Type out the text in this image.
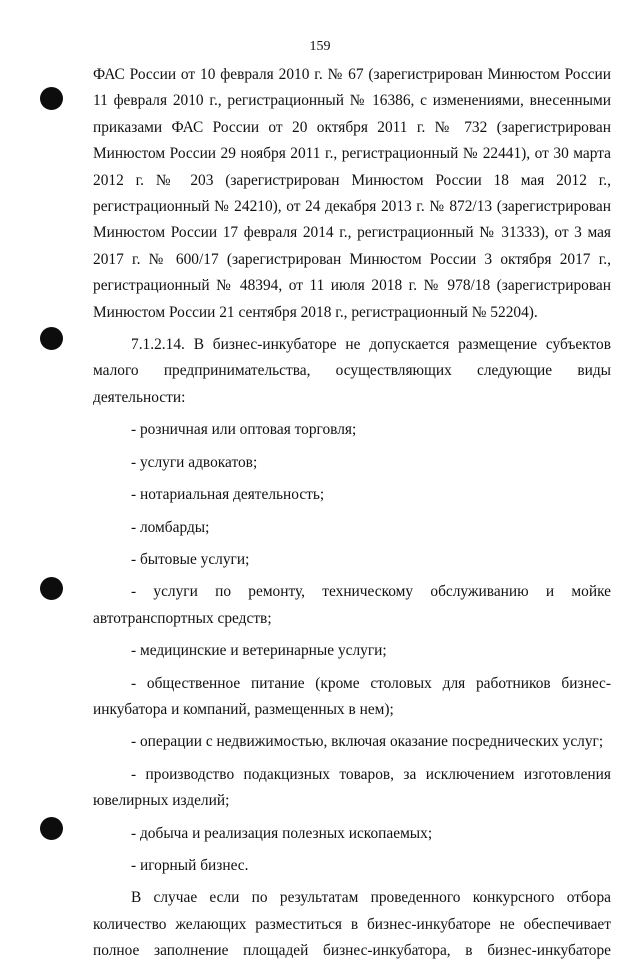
159

ФАС России от 10 февраля 2010 г. № 67 (зарегистрирован Минюстом России 11 февраля 2010 г., регистрационный № 16386, с изменениями, внесенными приказами ФАС России от 20 октября 2011 г. № 732 (зарегистрирован Минюстом России 29 ноября 2011 г., регистрационный № 22441), от 30 марта 2012 г. № 203 (зарегистрирован Минюстом России 18 мая 2012 г., регистрационный № 24210), от 24 декабря 2013 г. № 872/13 (зарегистрирован Минюстом России 17 февраля 2014 г., регистрационный № 31333), от 3 мая 2017 г. № 600/17 (зарегистрирован Минюстом России 3 октября 2017 г., регистрационный № 48394, от 11 июля 2018 г. № 978/18 (зарегистрирован Минюстом России 21 сентября 2018 г., регистрационный № 52204).

7.1.2.14. В бизнес-инкубаторе не допускается размещение субъектов малого предпринимательства, осуществляющих следующие виды деятельности:

- розничная или оптовая торговля;

- услуги адвокатов;

- нотариальная деятельность;

- ломбарды;

- бытовые услуги;

- услуги по ремонту, техническому обслуживанию и мойке автотранспортных средств;

- медицинские и ветеринарные услуги;

- общественное питание (кроме столовых для работников бизнес-инкубатора и компаний, размещенных в нем);

- операции с недвижимостью, включая оказание посреднических услуг;

- производство подакцизных товаров, за исключением изготовления ювелирных изделий;

- добыча и реализация полезных ископаемых;

- игорный бизнес.

В случае если по результатам проведенного конкурсного отбора количество желающих разместиться в бизнес-инкубаторе не обеспечивает полное заполнение площадей бизнес-инкубатора, в бизнес-инкубаторе
